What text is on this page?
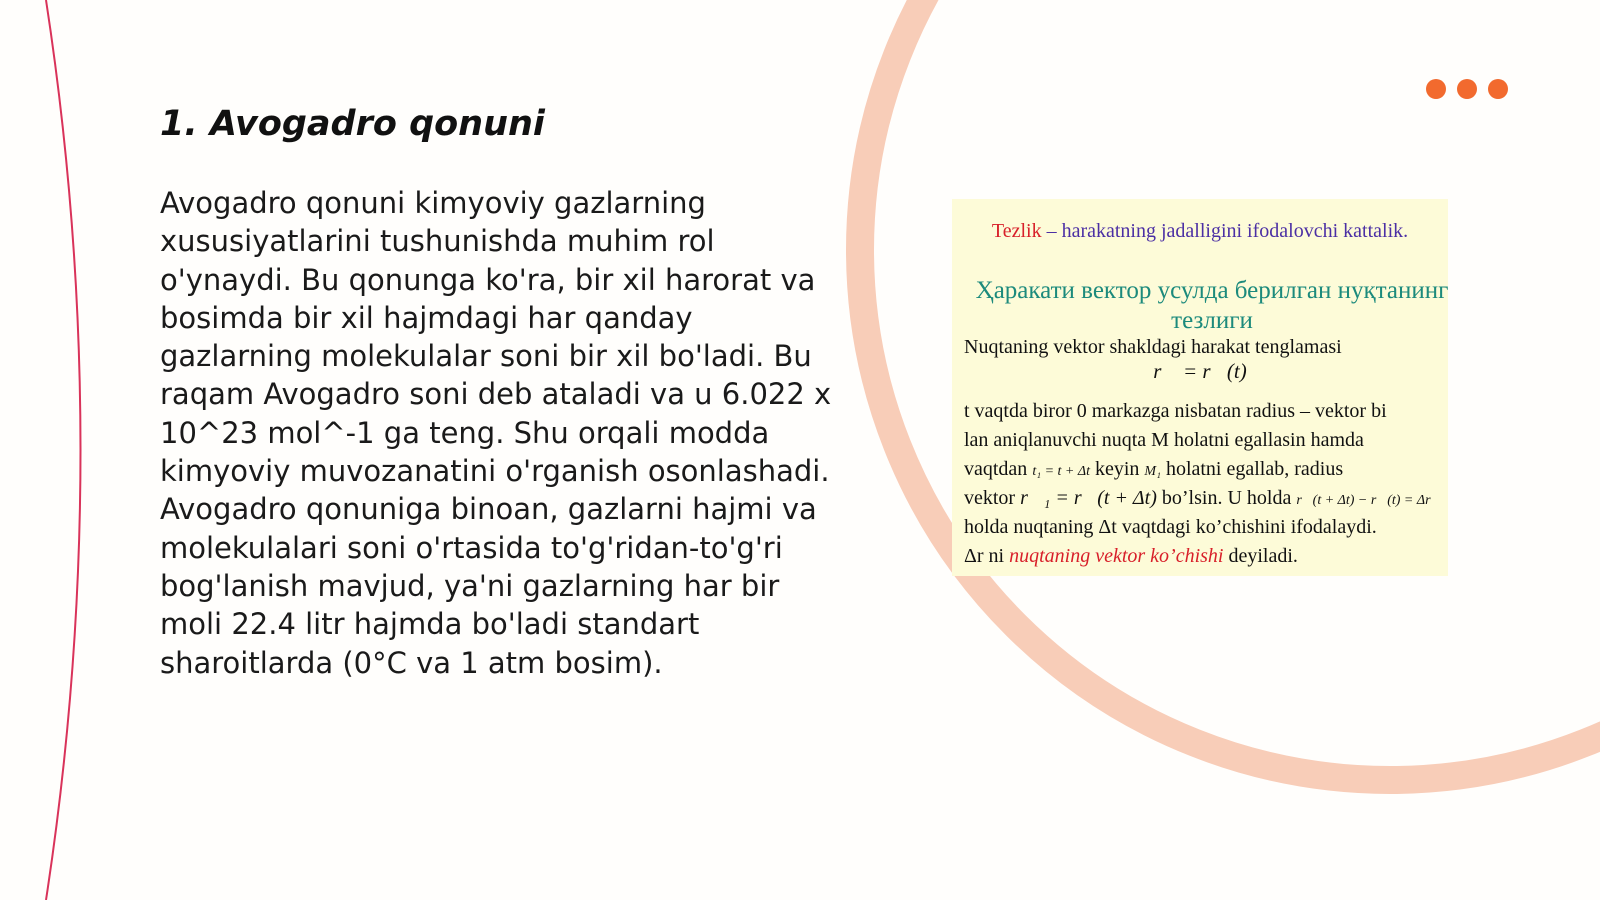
1. Avogadro qonuni

Avogadro qonuni kimyoviy gazlarning xususiyatlarini tushunishda muhim rol o'ynaydi. Bu qonunga ko'ra, bir xil harorat va bosimda bir xil hajmdagi har qanday gazlarning molekulalar soni bir xil bo'ladi. Bu raqam Avogadro soni deb ataladi va u 6.022 x 10^23 mol^-1 ga teng. Shu orqali modda kimyoviy muvozanatini o'rganish osonlashadi. Avogadro qonuniga binoan, gazlarni hajmi va molekulalari soni o'rtasida to'g'ridan-to'g'ri bog'lanish mavjud, ya'ni gazlarning har bir moli 22.4 litr hajmda bo'ladi standart sharoitlarda (0°C va 1 atm bosim).

Tezlik – harakatning jadalligini ifodalovchi kattalik.
Ҳаракати вектор усулда берилган нуқтанинг тезлиги
Nuqtaning vektor shakldagi harakat tenglamasi
r⃗ = r⃗(t)
t vaqtda biror 0 markazga nisbatan radius – vektor bi
lan aniqlanuvchi nuqta M holatni egallasin hamda
vaqtdan t₁ = t + Δt keyin M₁ holatni egallab, radius
vektor r⃗₁ = r⃗(t + Δt) bo’lsin. U holda r⃗(t + Δt) − r⃗(t) = Δr⃗
holda nuqtaning Δt vaqtdagi ko’chishini ifodalaydi.
Δr ni nuqtaning vektor ko’chishi deyiladi.
